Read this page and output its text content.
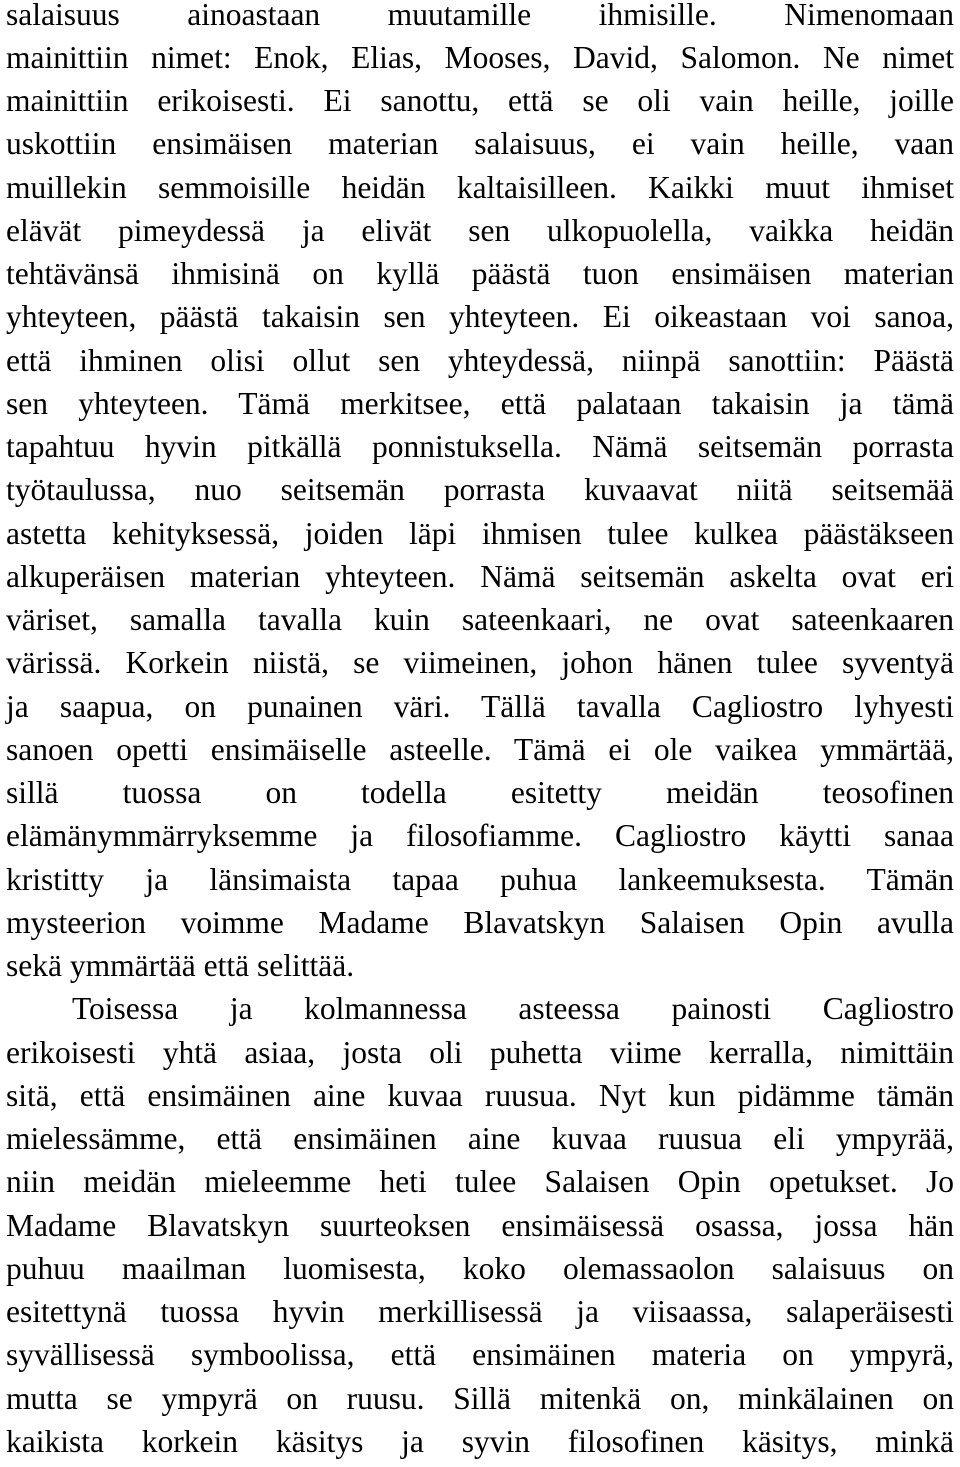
salaisuus ainoastaan muutamille ihmisille. Nimenomaan
mainittiin nimet: Enok, Elias, Mooses, David, Salomon. Ne nimet
mainittiin erikoisesti. Ei sanottu, että se oli vain heille, joille
uskottiin ensimäisen materian salaisuus, ei vain heille, vaan
muillekin semmoisille heidän kaltaisilleen. Kaikki muut ihmiset
elävät pimeydessä ja elivät sen ulkopuolella, vaikka heidän
tehtävänsä ihmisinä on kyllä päästä tuon ensimäisen materian
yhteyteen, päästä takaisin sen yhteyteen. Ei oikeastaan voi sanoa,
että ihminen olisi ollut sen yhteydessä, niinpä sanottiin: Päästä
sen yhteyteen. Tämä merkitsee, että palataan takaisin ja tämä
tapahtuu hyvin pitkällä ponnistuksella. Nämä seitsemän porrasta
työtaulussa, nuo seitsemän porrasta kuvaavat niitä seitsemää
astetta kehityksessä, joiden läpi ihmisen tulee kulkea päästäkseen
alkuperäisen materian yhteyteen. Nämä seitsemän askelta ovat eri
väriset, samalla tavalla kuin sateenkaari, ne ovat sateenkaaren
värissä. Korkein niistä, se viimeinen, johon hänen tulee syventyä
ja saapua, on punainen väri. Tällä tavalla Cagliostro lyhyesti
sanoen opetti ensimäiselle asteelle. Tämä ei ole vaikea ymmärtää,
sillä tuossa on todella esitetty meidän teosofinen
elämänymmärryksemme ja filosofiamme. Cagliostro käytti sanaa
kristitty ja länsimaista tapaa puhua lankeemuksesta. Tämän
mysteerion voimme Madame Blavatskyn Salaisen Opin avulla
sekä ymmärtää että selittää.
Toisessa ja kolmannessa asteessa painosti Cagliostro
erikoisesti yhtä asiaa, josta oli puhetta viime kerralla, nimittäin
sitä, että ensimäinen aine kuvaa ruusua. Nyt kun pidämme tämän
mielessämme, että ensimäinen aine kuvaa ruusua eli ympyrää,
niin meidän mieleemme heti tulee Salaisen Opin opetukset. Jo
Madame Blavatskyn suurteoksen ensimäisessä osassa, jossa hän
puhuu maailman luomisesta, koko olemassaolon salaisuus on
esitettynä tuossa hyvin merkillisessä ja viisaassa, salaperäisesti
syvällisessä symboolissa, että ensimäinen materia on ympyrä,
mutta se ympyrä on ruusu. Sillä mitenkä on, minkälainen on
kaikista korkein käsitys ja syvin filosofinen käsitys, minkä
